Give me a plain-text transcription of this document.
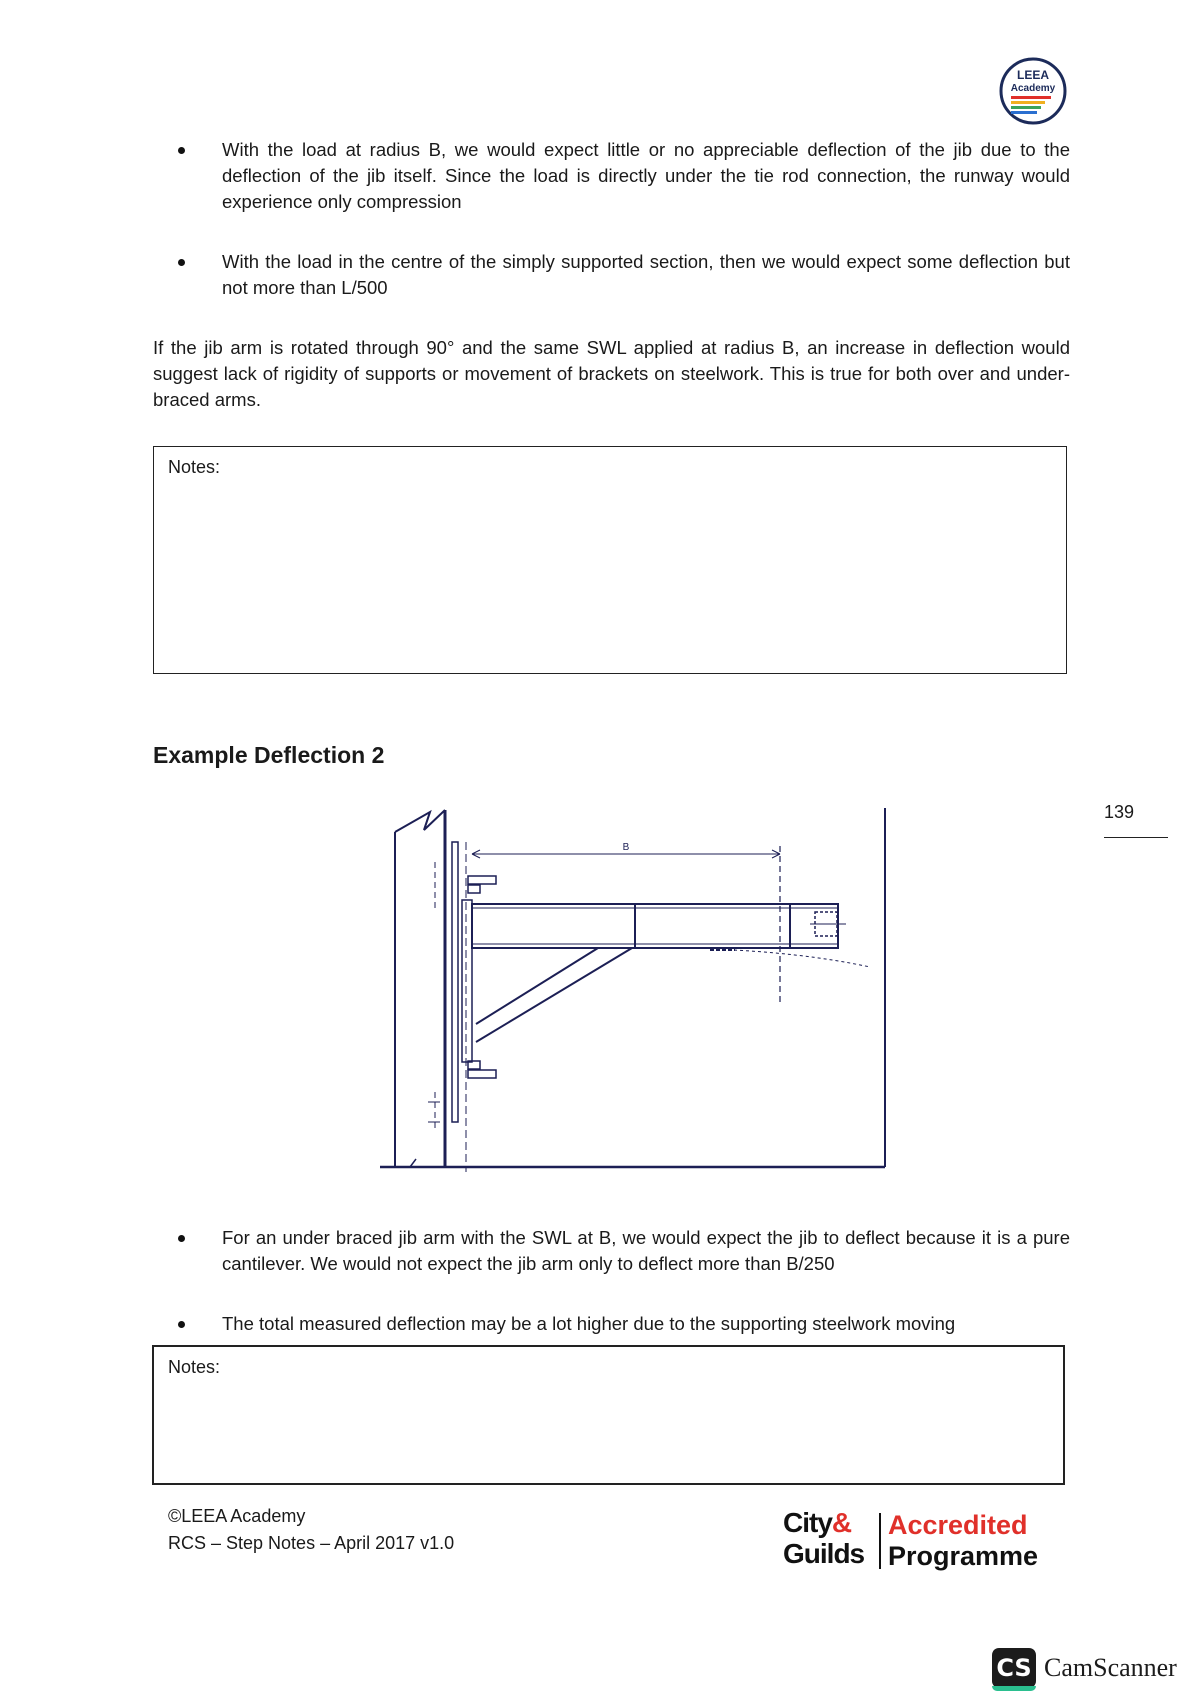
LEEA
Academy
With the load at radius B, we would expect little or no appreciable deflection of the jib due to the deflection of the jib itself. Since the load is directly under the tie rod connection, the runway would experience only compression
With the load in the centre of the simply supported section, then we would expect some deflection but not more than L/500
If the jib arm is rotated through 90° and the same SWL applied at radius B, an increase in deflection would suggest lack of rigidity of supports or movement of brackets on steelwork. This is true for both over and under-braced arms.
Notes:
Example Deflection 2
139
B
For an under braced jib arm with the SWL at B, we would expect the jib to deflect because it is a pure cantilever. We would not expect the jib arm only to deflect more than B/250
The total measured deflection may be a lot higher due to the supporting steelwork moving
Notes:
©LEEA Academy
RCS – Step Notes – April 2017 v1.0
City&
Guilds
Accredited
Programme
CS CamScanner
